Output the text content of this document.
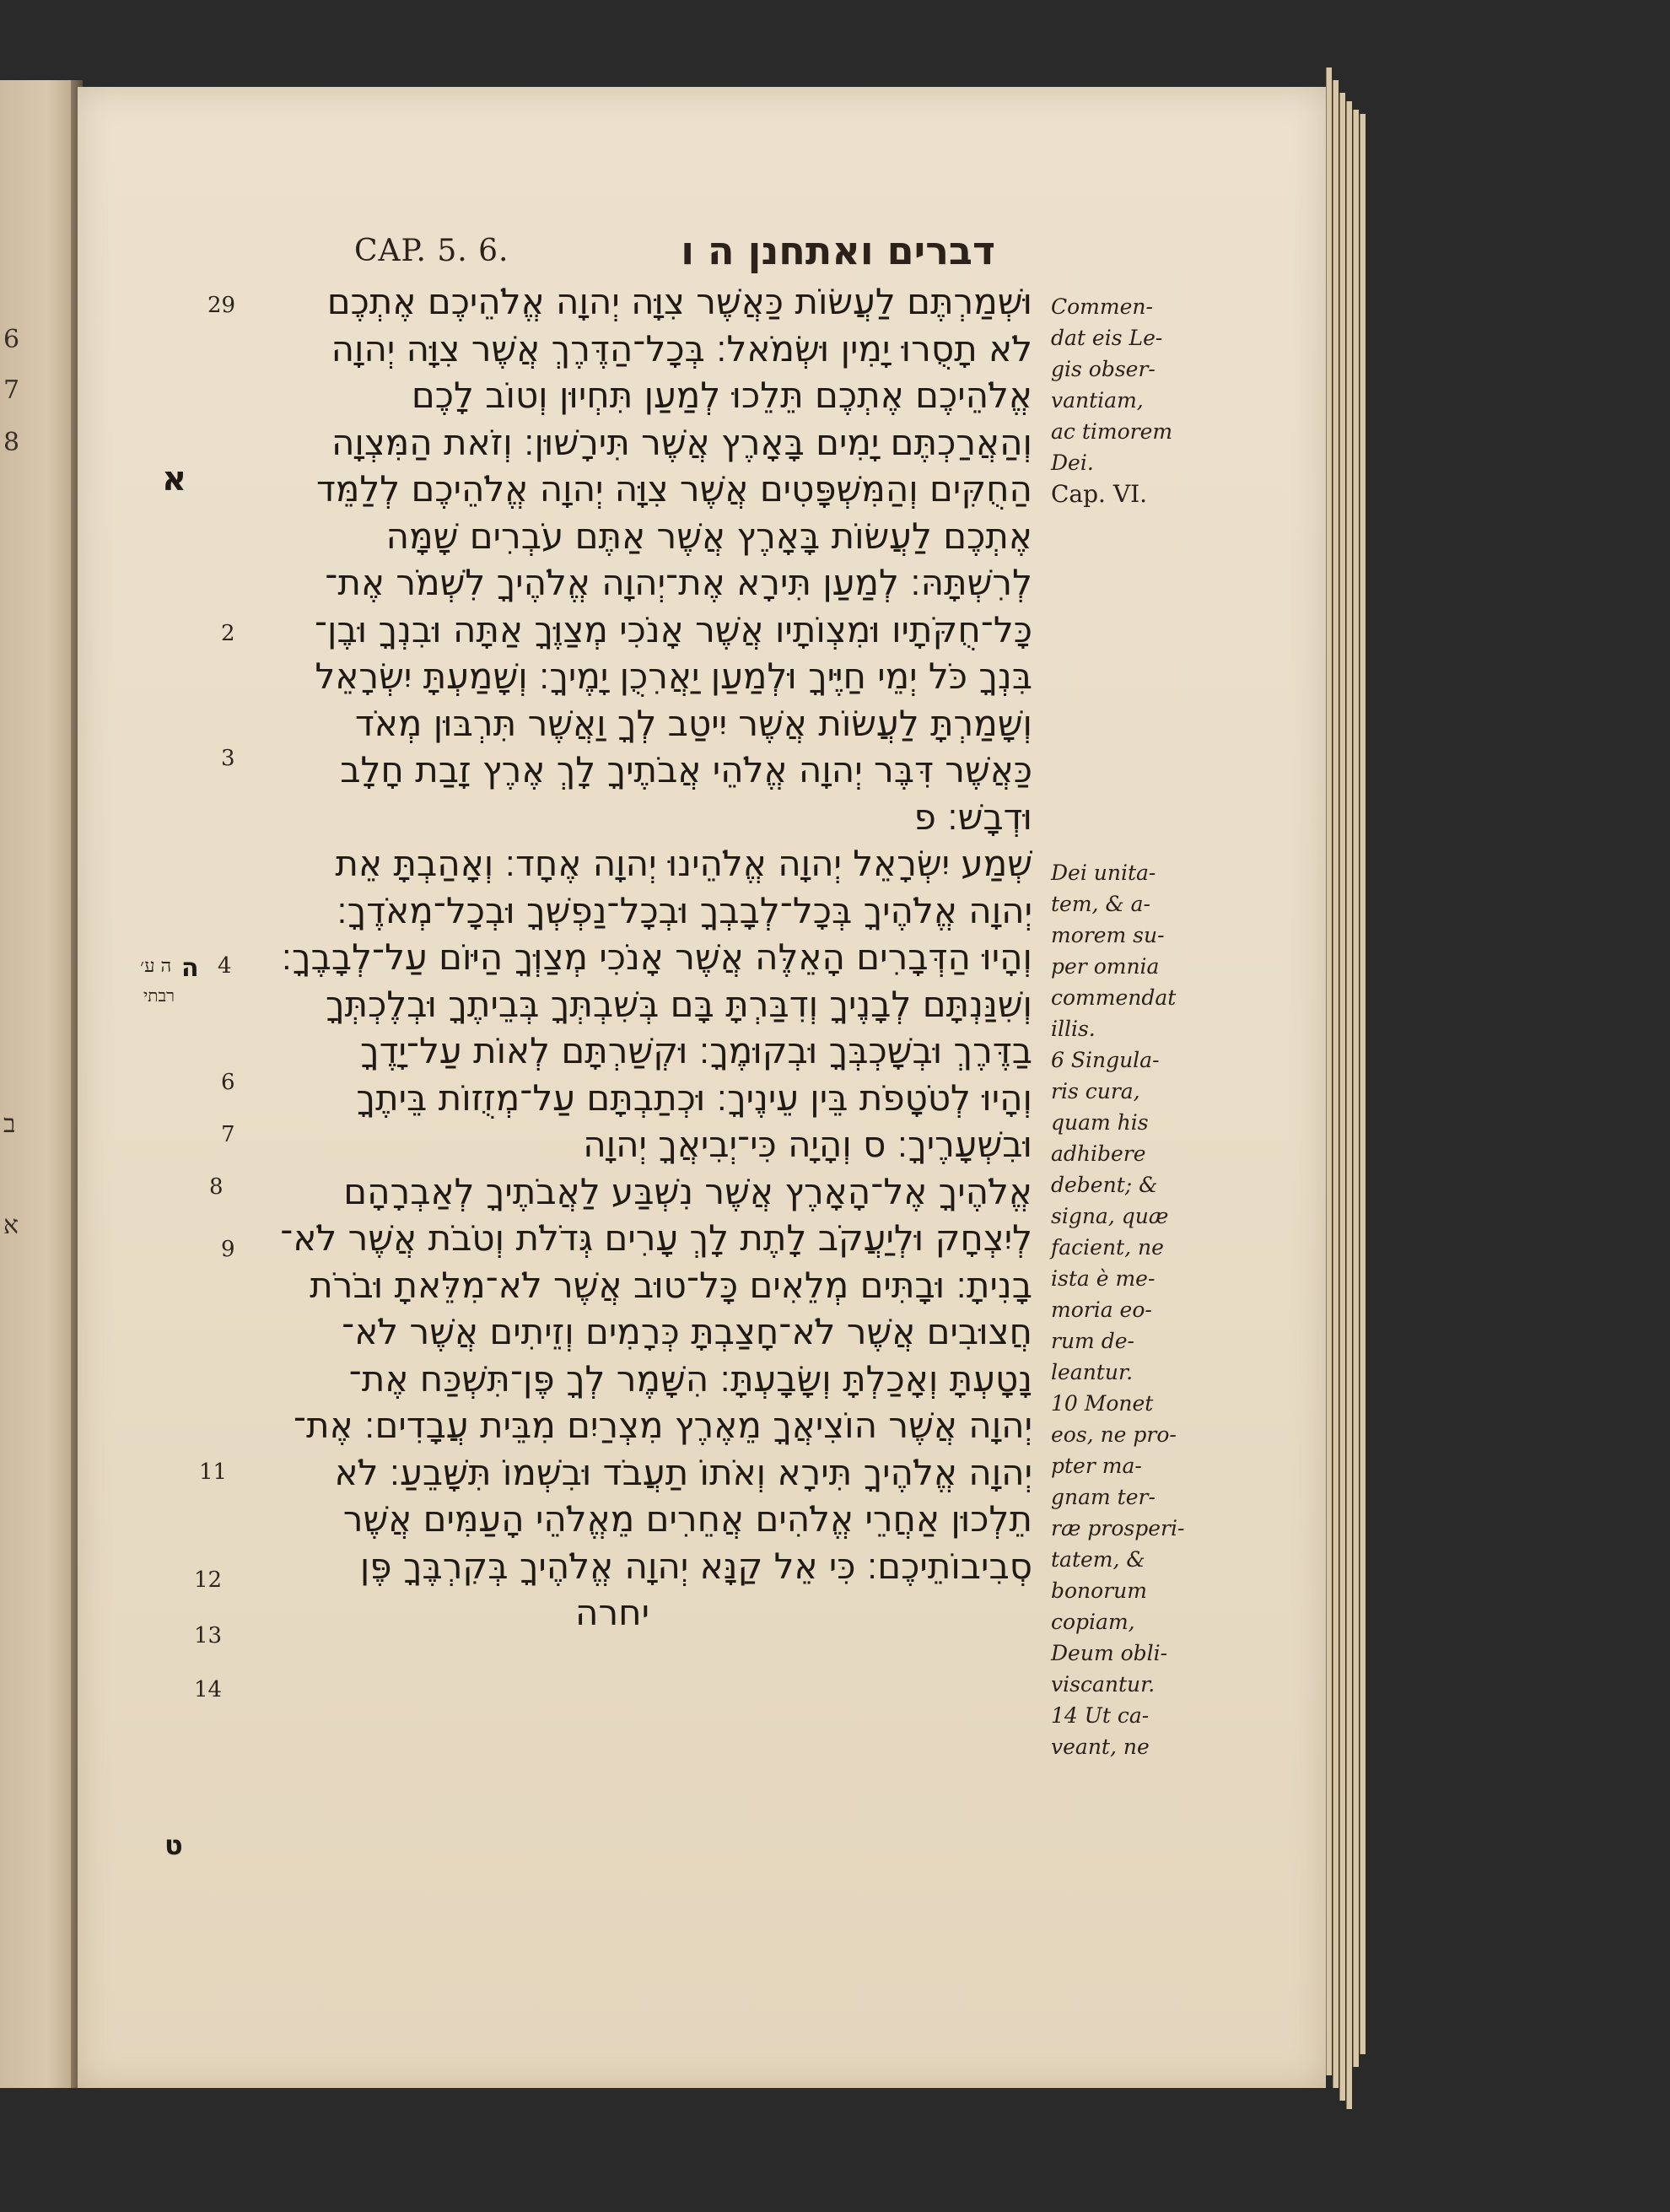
6
7
8
ב
א
CAP. 5. 6.	דברים ואתחנן ה ו
29
2
3
4
6
7
8
9
11
12
13
14
א
ה
ט
ה ע׳
רבתי
וּשְׁמַרְתֶּם לַעֲשׂוֹת כַּאֲשֶׁר צִוָּה יְהוָה אֱלֹהֵיכֶם אֶתְכֶם
לֹא תָסֻרוּ יָמִין וּשְׂמֹאל׃ בְּכָל־הַדֶּרֶךְ אֲשֶׁר צִוָּה יְהוָה
אֱלֹהֵיכֶם אֶתְכֶם תֵּלֵכוּ לְמַעַן תִּחְיוּן וְטוֹב לָכֶם
וְהַאֲרַכְתֶּם יָמִים בָּאָרֶץ אֲשֶׁר תִּירָשׁוּן׃ וְזֹאת הַמִּצְוָה
הַחֻקִּים וְהַמִּשְׁפָּטִים אֲשֶׁר צִוָּה יְהוָה אֱלֹהֵיכֶם לְלַמֵּד
אֶתְכֶם לַעֲשׂוֹת בָּאָרֶץ אֲשֶׁר אַתֶּם עֹבְרִים שָׁמָּה
לְרִשְׁתָּהּ׃ לְמַעַן תִּירָא אֶת־יְהוָה אֱלֹהֶיךָ לִשְׁמֹר אֶת־
כָּל־חֻקֹּתָיו וּמִצְוֹתָיו אֲשֶׁר אָנֹכִי מְצַוֶּךָ אַתָּה וּבִנְךָ וּבֶן־
בִּנְךָ כֹּל יְמֵי חַיֶּיךָ וּלְמַעַן יַאֲרִכֻן יָמֶיךָ׃ וְשָׁמַעְתָּ יִשְׂרָאֵל
וְשָׁמַרְתָּ לַעֲשׂוֹת אֲשֶׁר יִיטַב לְךָ וַאֲשֶׁר תִּרְבּוּן מְאֹד
כַּאֲשֶׁר דִּבֶּר יְהוָה אֱלֹהֵי אֲבֹתֶיךָ לָךְ אֶרֶץ זָבַת חָלָב
וּדְבָשׁ׃ פ
שְׁמַע יִשְׂרָאֵל יְהוָה אֱלֹהֵינוּ יְהוָה אֶחָד׃ וְאָהַבְתָּ אֵת
יְהוָה אֱלֹהֶיךָ בְּכָל־לְבָבְךָ וּבְכָל־נַפְשְׁךָ וּבְכָל־מְאֹדֶךָ׃
וְהָיוּ הַדְּבָרִים הָאֵלֶּה אֲשֶׁר אָנֹכִי מְצַוְּךָ הַיּוֹם עַל־לְבָבֶךָ׃
וְשִׁנַּנְתָּם לְבָנֶיךָ וְדִבַּרְתָּ בָּם בְּשִׁבְתְּךָ בְּבֵיתֶךָ וּבְלֶכְתְּךָ
בַדֶּרֶךְ וּבְשָׁכְבְּךָ וּבְקוּמֶךָ׃ וּקְשַׁרְתָּם לְאוֹת עַל־יָדֶךָ
וְהָיוּ לְטֹטָפֹת בֵּין עֵינֶיךָ׃ וּכְתַבְתָּם עַל־מְזֻזוֹת בֵּיתֶךָ
וּבִשְׁעָרֶיךָ׃ ס וְהָיָה כִּי־יְבִיאֲךָ יְהוָה
אֱלֹהֶיךָ אֶל־הָאָרֶץ אֲשֶׁר נִשְׁבַּע לַאֲבֹתֶיךָ לְאַבְרָהָם
לְיִצְחָק וּלְיַעֲקֹב לָתֶת לָךְ עָרִים גְּדֹלֹת וְטֹבֹת אֲשֶׁר לֹא־
בָנִיתָ׃ וּבָתִּים מְלֵאִים כָּל־טוּב אֲשֶׁר לֹא־מִלֵּאתָ וּבֹרֹת
חֲצוּבִים אֲשֶׁר לֹא־חָצַבְתָּ כְּרָמִים וְזֵיתִים אֲשֶׁר לֹא־
נָטָעְתָּ וְאָכַלְתָּ וְשָׂבָעְתָּ׃ הִשָּׁמֶר לְךָ פֶּן־תִּשְׁכַּח אֶת־
יְהוָה אֲשֶׁר הוֹצִיאֲךָ מֵאֶרֶץ מִצְרַיִם מִבֵּית עֲבָדִים׃ אֶת־
יְהוָה אֱלֹהֶיךָ תִּירָא וְאֹתוֹ תַעֲבֹד וּבִשְׁמוֹ תִּשָּׁבֵעַ׃ לֹא
תֵלְכוּן אַחֲרֵי אֱלֹהִים אֲחֵרִים מֵאֱלֹהֵי הָעַמִּים אֲשֶׁר
סְבִיבוֹתֵיכֶם׃ כִּי אֵל קַנָּא יְהוָה אֱלֹהֶיךָ בְּקִרְבֶּךָ פֶּן
יחרה
Commen-
dat eis Le-
gis obser-
vantiam,
ac timorem
Dei.
Cap. VI.
Dei unita-
tem, & a-
morem su-
per omnia
commendat
illis.
6 Singula-
ris cura,
quam his
adhibere
debent; &
signa, quæ
facient, ne
ista è me-
moria eo-
rum de-
leantur.
10 Monet
eos, ne pro-
pter ma-
gnam ter-
ræ prosperi-
tatem, &
bonorum
copiam,
Deum obli-
viscantur.
14 Ut ca-
veant, ne
